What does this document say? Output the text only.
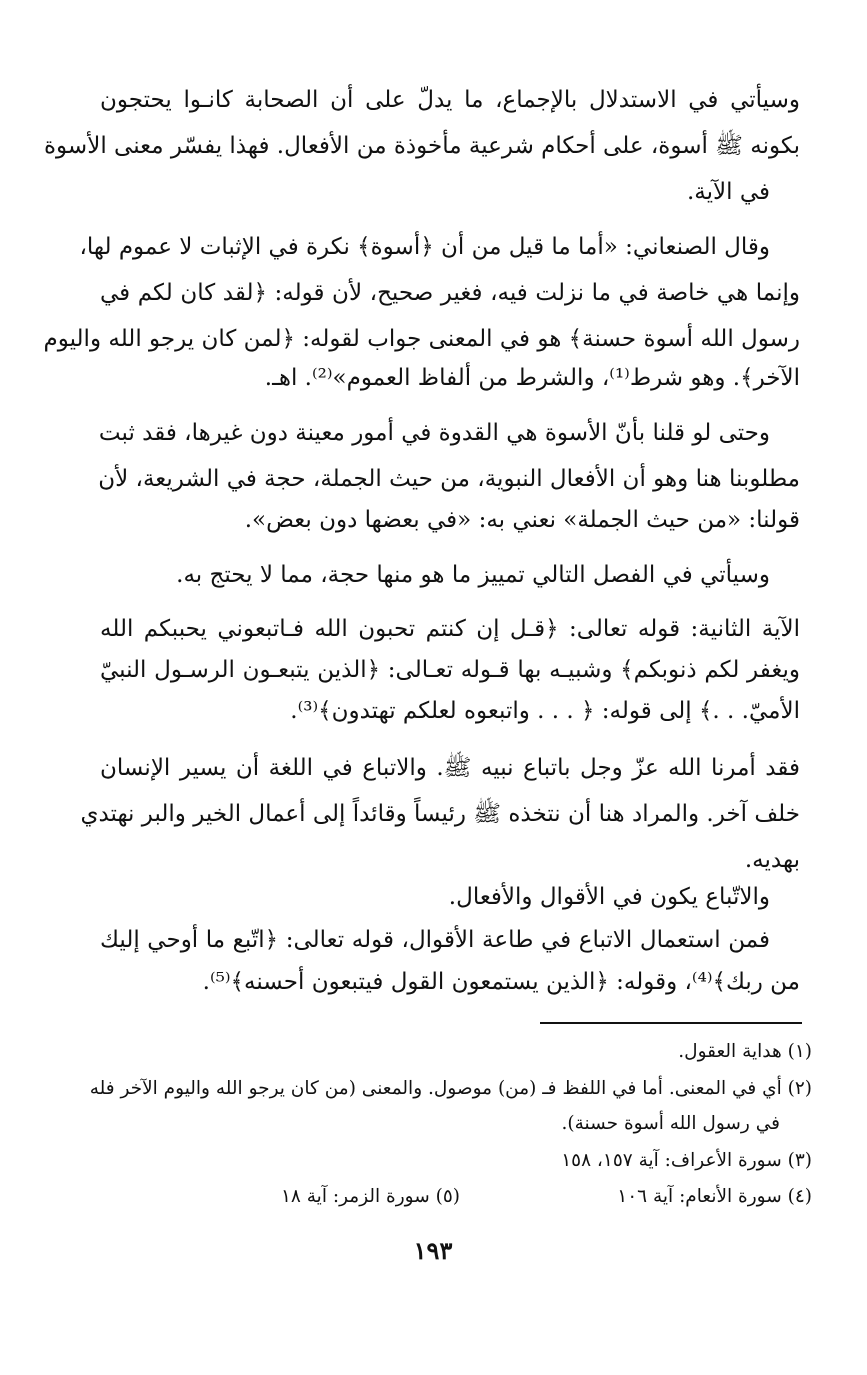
وسيأتي في الاستدلال بالإجماع، ما يدلّ على أن الصحابة كانـوا يحتجون
بكونه ﷺ أسوة، على أحكام شرعية مأخوذة من الأفعال. فهذا يفسّر معنى الأسوة
في الآية.
وقال الصنعاني: «أما ما قيل من أن ﴿أسوة﴾ نكرة في الإثبات لا عموم لها،
وإنما هي خاصة في ما نزلت فيه، فغير صحيح، لأن قوله: ﴿لقد كان لكم في
رسول الله أسوة حسنة﴾ هو في المعنى جواب لقوله: ﴿لمن كان يرجو الله واليوم
الآخر﴾. وهو شرط⁽¹⁾، والشرط من ألفاظ العموم»⁽²⁾. اهـ.
وحتى لو قلنا بأنّ الأسوة هي القدوة في أمور معينة دون غيرها، فقد ثبت
مطلوبنا هنا وهو أن الأفعال النبوية، من حيث الجملة، حجة في الشريعة، لأن
قولنا: «من حيث الجملة» نعني به: «في بعضها دون بعض».
وسيأتي في الفصل التالي تمييز ما هو منها حجة، مما لا يحتج به.
الآية الثانية: قوله تعالى: ﴿قـل إن كنتم تحبون الله فـاتبعوني يحببكم الله
ويغفر لكم ذنوبكم﴾ وشبيـه بها قـوله تعـالى: ﴿الذين يتبعـون الرسـول النبيّ
الأميّ. . .﴾ إلى قوله: ﴿ . . . واتبعوه لعلكم تهتدون﴾⁽³⁾.
فقد أمرنا الله عزّ وجل باتباع نبيه ﷺ. والاتباع في اللغة أن يسير الإنسان
خلف آخر. والمراد هنا أن نتخذه ﷺ رئيساً وقائداً إلى أعمال الخير والبر نهتدي
بهديه.
والاتّباع يكون في الأقوال والأفعال.
فمن استعمال الاتباع في طاعة الأقوال، قوله تعالى: ﴿اتّبع ما أوحي إليك
من ربك﴾⁽⁴⁾، وقوله: ﴿الذين يستمعون القول فيتبعون أحسنه﴾⁽⁵⁾.
(١) هداية العقول.
(٢) أي في المعنى. أما في اللفظ فـ (من) موصول. والمعنى (من كان يرجو الله واليوم الآخر فله
في رسول الله أسوة حسنة).
(٣) سورة الأعراف: آية ١٥٧، ١٥٨
(٤) سورة الأنعام: آية ١٠٦
(٥) سورة الزمر: آية ١٨
١٩٣
